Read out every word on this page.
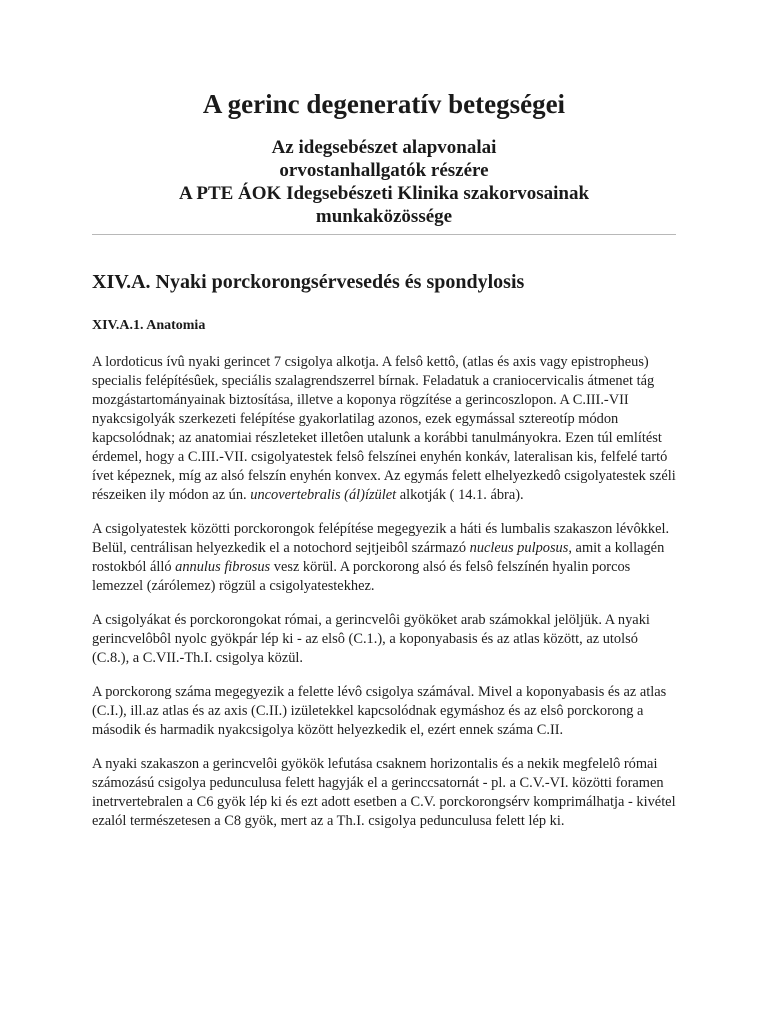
A gerinc degeneratív betegségei
Az idegsebészet alapvonalai
orvostanhallgatók részére
A PTE ÁOK Idegsebészeti Klinika szakorvosainak
munkaközössége
XIV.A. Nyaki porckorongsérvesedés és spondylosis
XIV.A.1. Anatomia

A lordoticus ívû nyaki gerincet 7 csigolya alkotja. A felsô kettô, (atlas és axis vagy epistropheus) specialis felépítésûek, speciális szalagrendszerrel bírnak. Feladatuk a craniocervicalis átmenet tág mozgástartományainak biztosítása, illetve a koponya rögzítése a gerincoszlopon. A C.III.-VII nyakcsigolyák szerkezeti felépítése gyakorlatilag azonos, ezek egymással sztereotíp módon kapcsolódnak; az anatomiai részleteket illetôen utalunk a korábbi tanulmányokra. Ezen túl említést érdemel, hogy a C.III.-VII. csigolyatestek felsô felszínei enyhén konkáv, lateralisan kis, felfelé tartó ívet képeznek, míg az alsó felszín enyhén konvex. Az egymás felett elhelyezkedô csigolyatestek széli részeiken ily módon az ún. uncovertebralis (ál)ízület alkotják ( 14.1. ábra).

A csigolyatestek közötti porckorongok felépítése megegyezik a háti és lumbalis szakaszon lévôkkel. Belül, centrálisan helyezkedik el a notochord sejtjeibôl származó nucleus pulposus, amit a kollagén rostokból álló annulus fibrosus vesz körül. A porckorong alsó és felsô felszínén hyalin porcos lemezzel (zárólemez) rögzül a csigolyatestekhez.

A csigolyákat és porckorongokat római, a gerincvelôi gyököket arab számokkal jelöljük. A nyaki gerincvelôbôl nyolc gyökpár lép ki - az elsô (C.1.), a koponyabasis és az atlas között, az utolsó (C.8.), a C.VII.-Th.I. csigolya közül.

A porckorong száma megegyezik a felette lévô csigolya számával. Mivel a koponyabasis és az atlas (C.I.), ill.az atlas és az axis (C.II.) izületekkel kapcsolódnak egymáshoz és az elsô porckorong a második és harmadik nyakcsigolya között helyezkedik el, ezért ennek száma C.II.

A nyaki szakaszon a gerincvelôi gyökök lefutása csaknem horizontalis és a nekik megfelelô római számozású csigolya pedunculusa felett hagyják el a gerinccsatornát - pl. a C.V.-VI. közötti foramen inetrvertebralen a C6 gyök lép ki és ezt adott esetben a C.V. porckorongsérv komprimálhatja - kivétel ezalól természetesen a C8 gyök, mert az a Th.I. csigolya pedunculusa felett lép ki.
